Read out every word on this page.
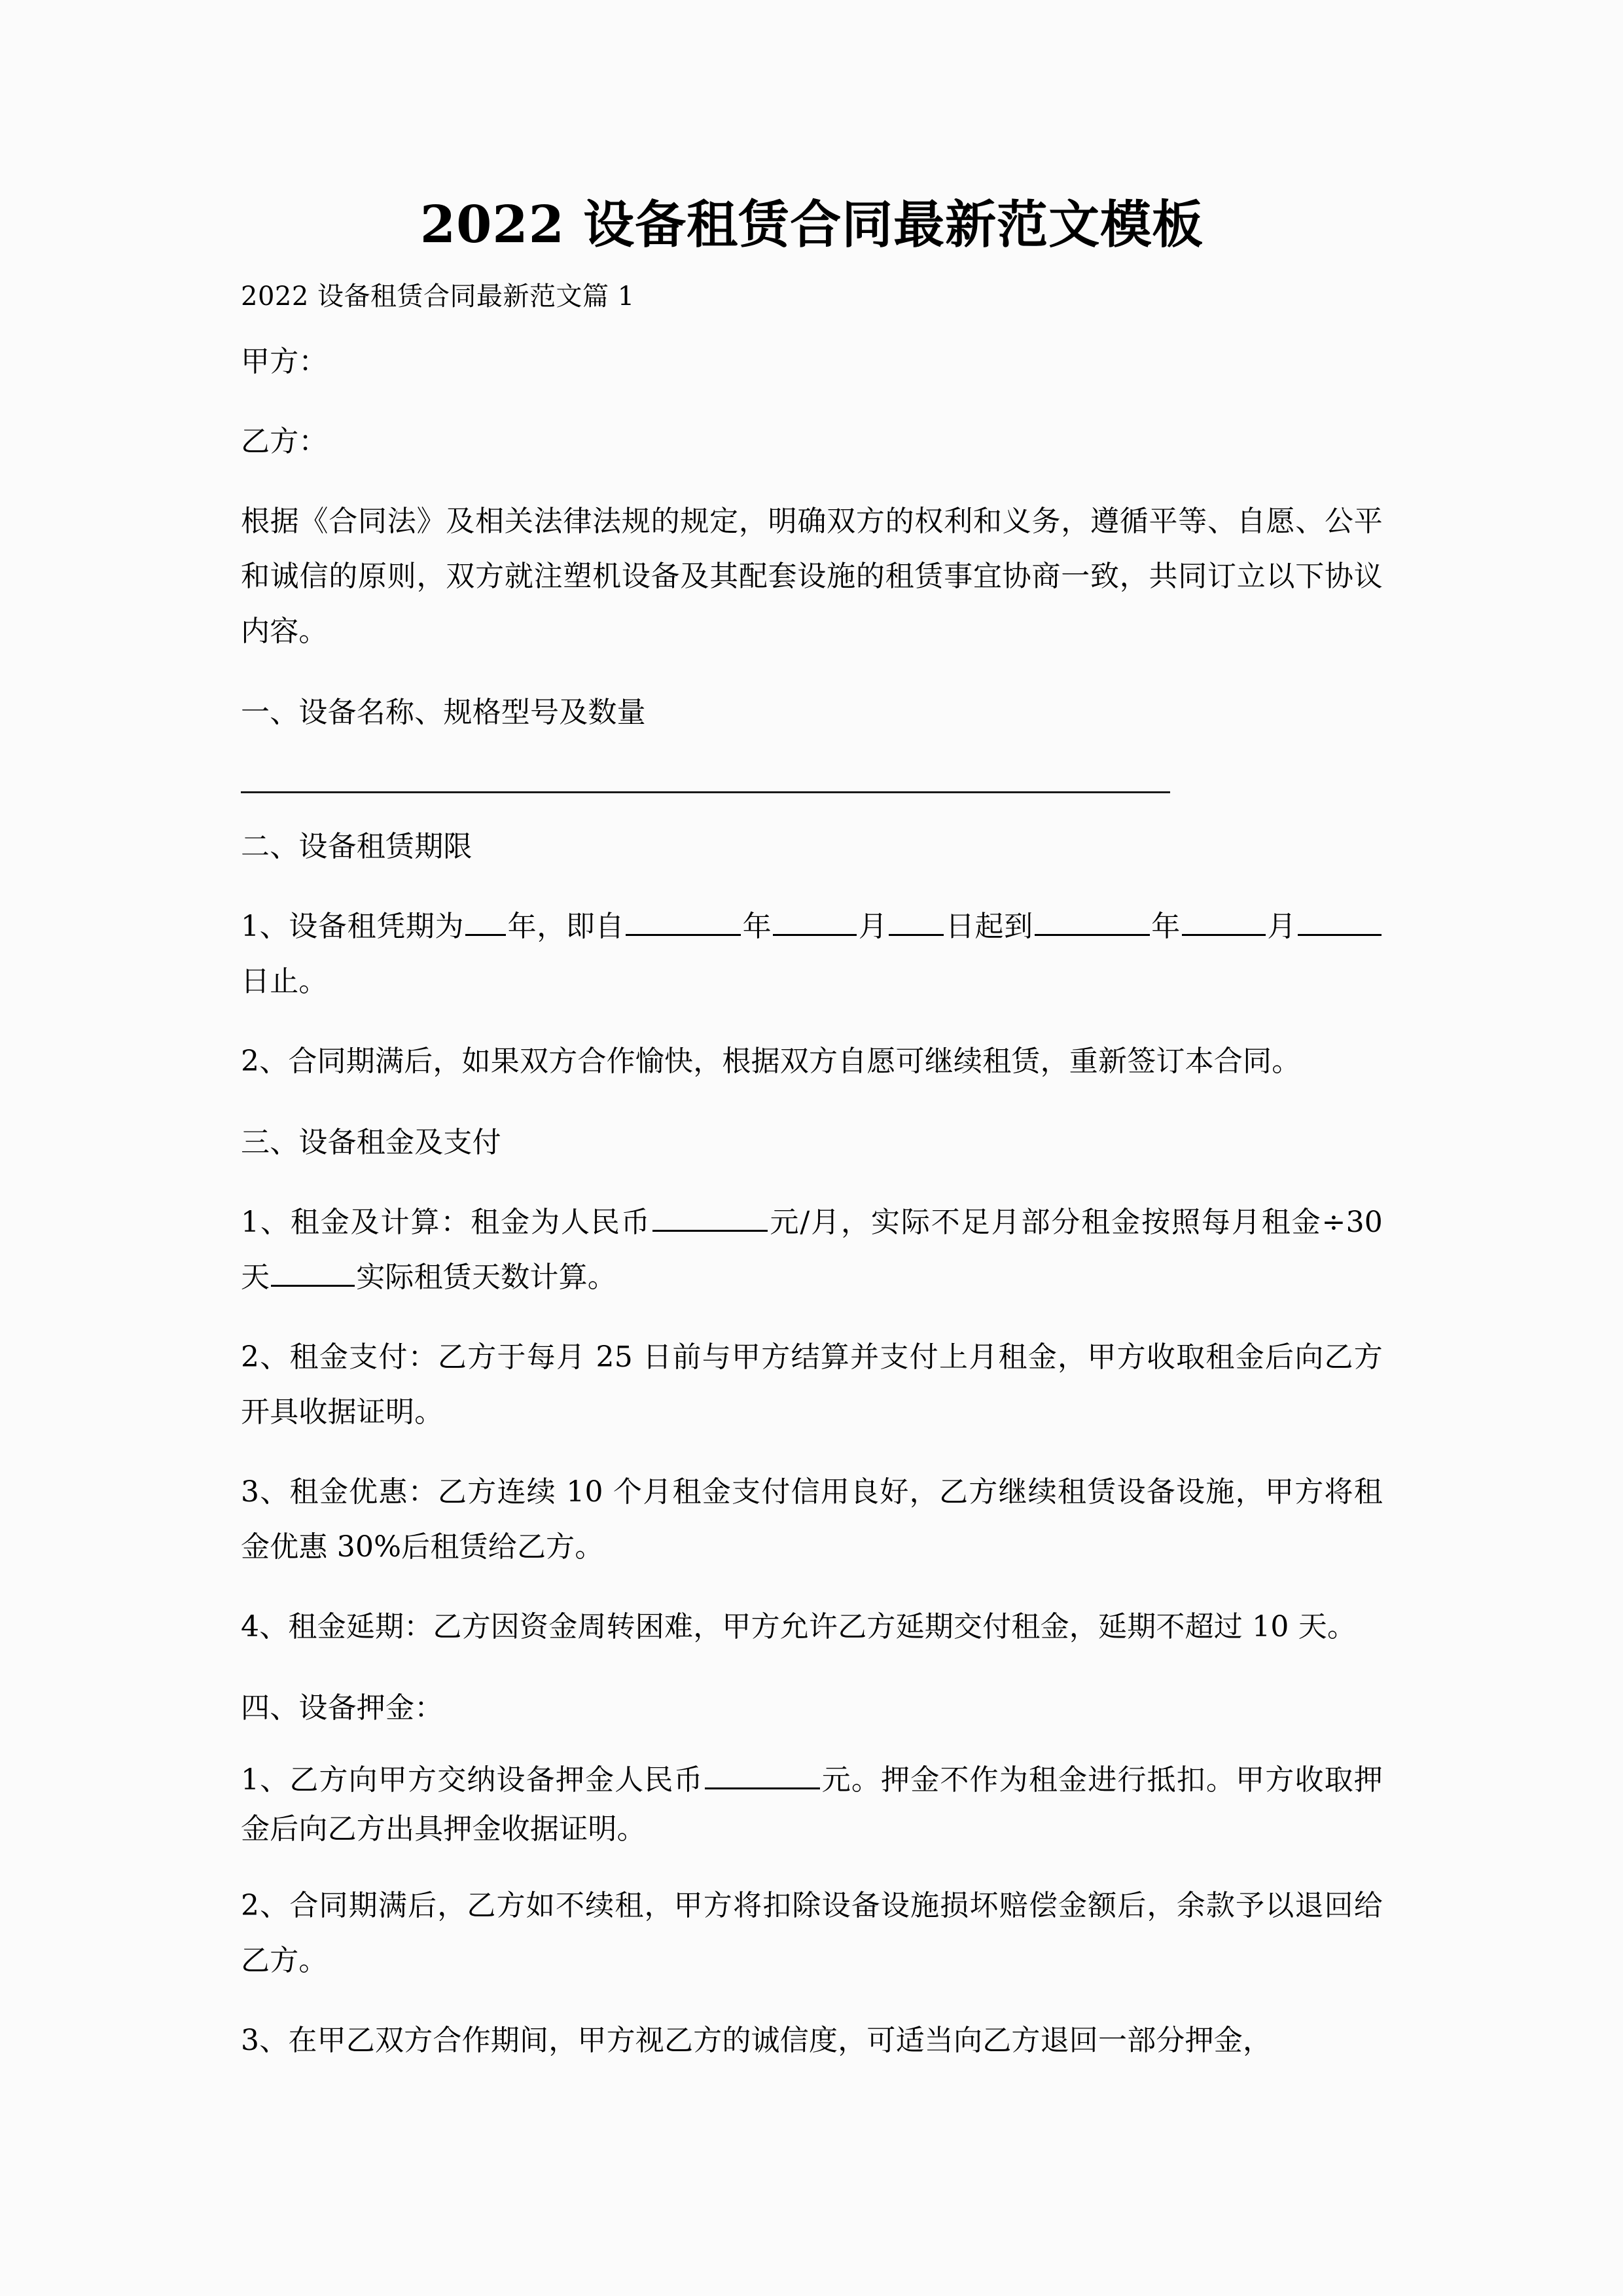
2022 设备租赁合同最新范文模板
2022 设备租赁合同最新范文篇 1

甲方：

乙方：

根据《合同法》及相关法律法规的规定，明确双方的权利和义务，遵循平等、自愿、公平和诚信的原则，双方就注塑机设备及其配套设施的租赁事宜协商一致，共同订立以下协议内容。

一、设备名称、规格型号及数量

二、设备租赁期限

1、设备租凭期为 年，即自	年	月 日起到	年	月日止。

2、合同期满后，如果双方合作愉快，根据双方自愿可继续租赁，重新签订本合同。

三、设备租金及支付

1、租金及计算：租金为人民币	元/月，实际不足月部分租金按照每月租金÷30 天	实际租赁天数计算。

2、租金支付：乙方于每月 25 日前与甲方结算并支付上月租金，甲方收取租金后向乙方开具收据证明。

3、租金优惠：乙方连续 10 个月租金支付信用良好，乙方继续租赁设备设施，甲方将租金优惠 30%后租赁给乙方。

4、租金延期：乙方因资金周转困难，甲方允许乙方延期交付租金，延期不超过 10 天。

四、设备押金：

1、乙方向甲方交纳设备押金人民币	元。押金不作为租金进行抵扣。甲方收取押金后向乙方出具押金收据证明。

2、合同期满后，乙方如不续租，甲方将扣除设备设施损坏赔偿金额后，余款予以退回给乙方。

3、在甲乙双方合作期间，甲方视乙方的诚信度，可适当向乙方退回一部分押金，
